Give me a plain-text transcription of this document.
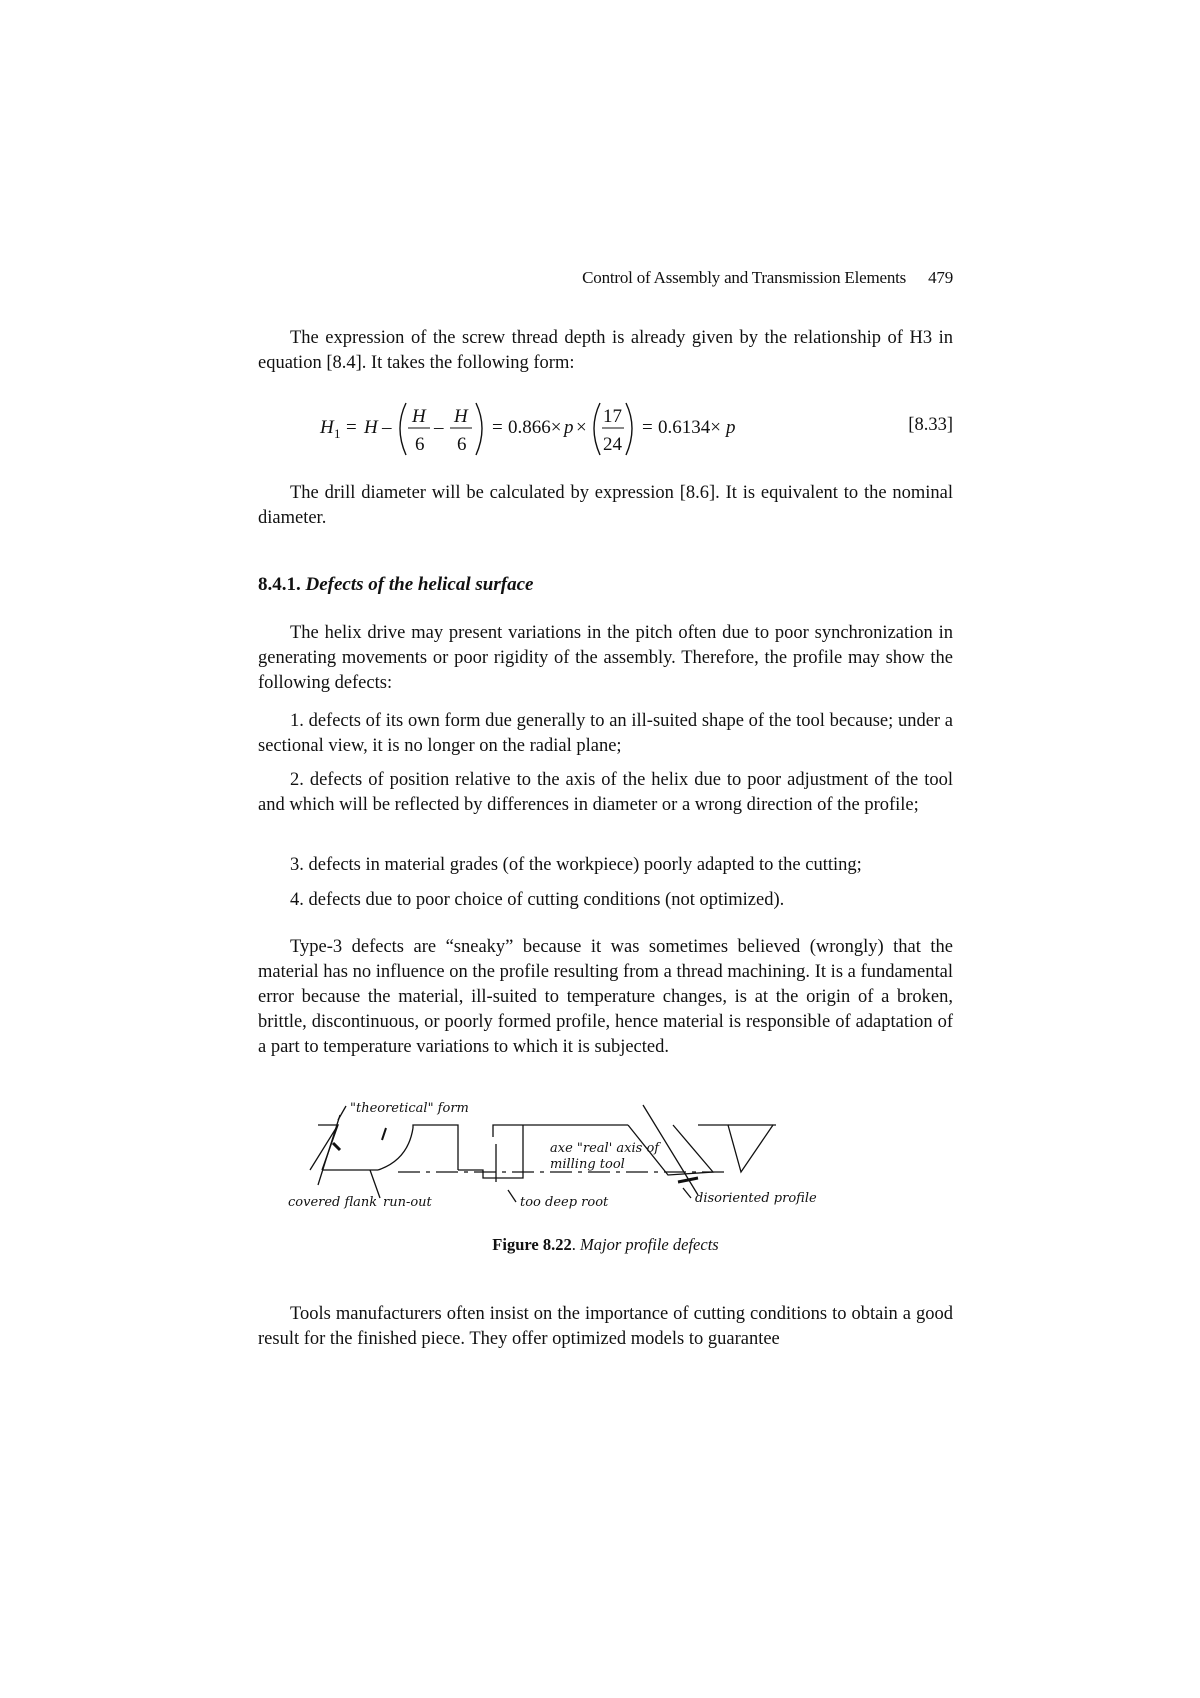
Control of Assembly and Transmission Elements 479

The expression of the screw thread depth is already given by the relationship of H3 in equation [8.4]. It takes the following form:

H 1 = H –
H
6
–
H
6
= 0.866× p ×
17
24
= 0.6134× p	[8.33]

The drill diameter will be calculated by expression [8.6]. It is equivalent to the nominal diameter.

8.4.1. Defects of the helical surface

The helix drive may present variations in the pitch often due to poor synchronization in generating movements or poor rigidity of the assembly. Therefore, the profile may show the following defects:

1. defects of its own form due generally to an ill-suited shape of the tool because; under a sectional view, it is no longer on the radial plane;

2. defects of position relative to the axis of the helix due to poor adjustment of the tool and which will be reflected by differences in diameter or a wrong direction of the profile;

3. defects in material grades (of the workpiece) poorly adapted to the cutting;

4. defects due to poor choice of cutting conditions (not optimized).

Type-3 defects are “sneaky” because it was sometimes believed (wrongly) that the material has no influence on the profile resulting from a thread machining. It is a fundamental error because the material, ill-suited to temperature changes, is at the origin of a broken, brittle, discontinuous, or poorly formed profile, hence material is responsible of adaptation of a part to temperature variations to which it is subjected.

"theoretical" form
axe "real' axis of
milling tool
covered flank run-out	too deep root	disoriented profile
Figure 8.22. Major profile defects

Tools manufacturers often insist on the importance of cutting conditions to obtain a good result for the finished piece. They offer optimized models to guarantee
